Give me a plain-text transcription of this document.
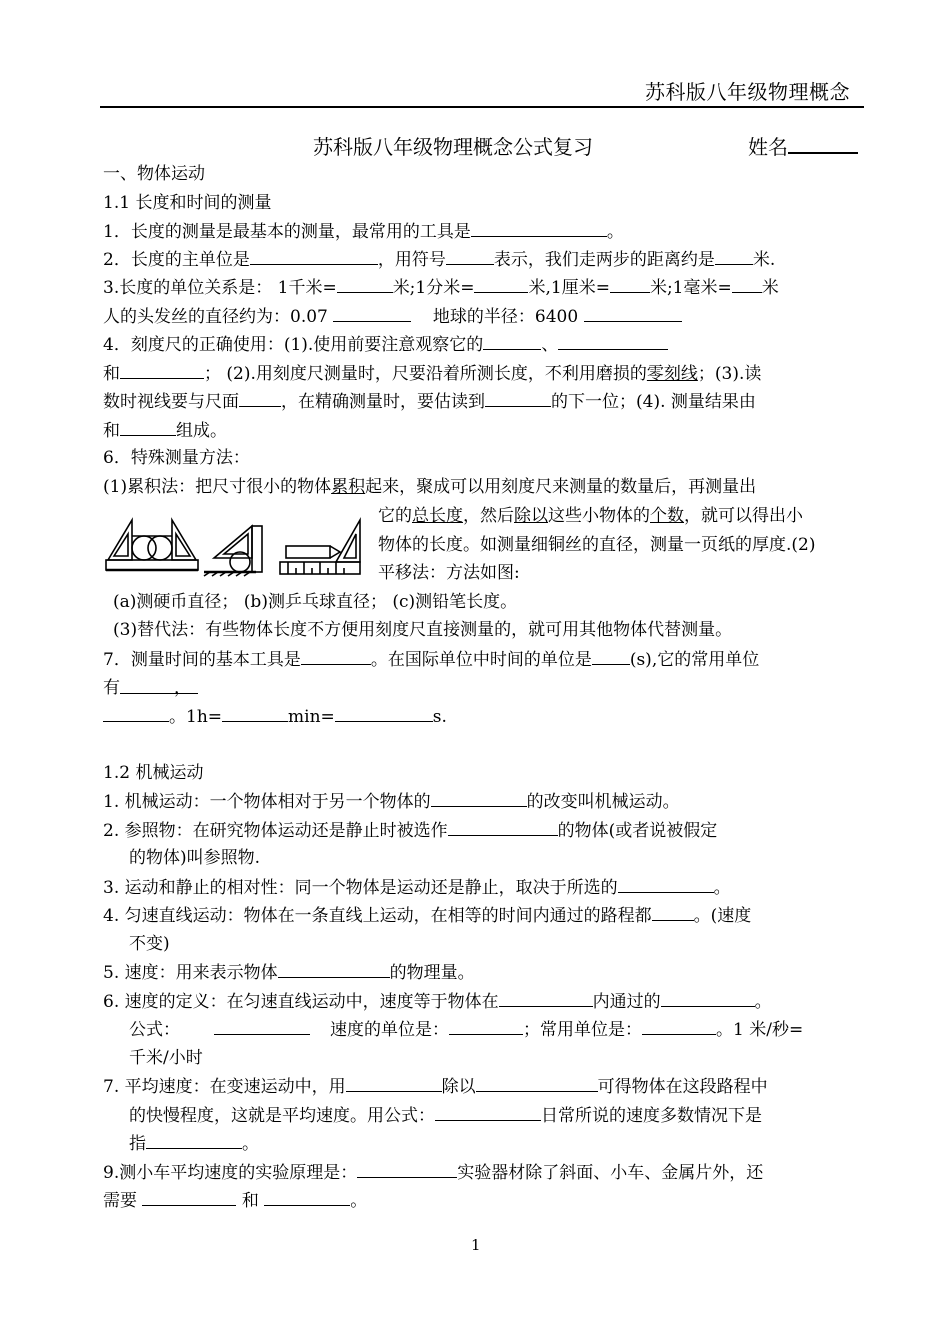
苏科版八年级物理概念
苏科版八年级物理概念公式复习	姓名
一、物体运动
1.1 长度和时间的测量
1．长度的测量是最基本的测量，最常用的工具是	。
2．长度的主单位是	，用符号	表示，我们走两步的距离约是 米.
3.长度的单位关系是： 1千米=	米;1分米=	米,1厘米= 米;1毫米= 米
人的头发丝的直径约为：0.07	地球的半径：6400
4．刻度尺的正确使用：(1).使用前要注意观察它的	、
和	； (2).用刻度尺测量时，尺要沿着所测长度，不利用磨损的零刻线；(3).读
数时视线要与尺面 ，在精确测量时，要估读到	的下一位；(4). 测量结果由
和	组成。
6．特殊测量方法：
(1)累积法：把尺寸很小的物体累积起来，聚成可以用刻度尺来测量的数量后，再测量出
它的总长度，然后除以这些小物体的个数，就可以得出小
物体的长度。如测量细铜丝的直径，测量一页纸的厚度.(2)
平移法：方法如图:
(a)测硬币直径； (b)测乒乓球直径； (c)测铅笔长度。
(3)替代法：有些物体长度不方便用刻度尺直接测量的，就可用其他物体代替测量。
7．测量时间的基本工具是	。在国际单位中时间的单位是 (s),它的常用单位
有	，
。1h=	min=	s.
1.2 机械运动
1. 机械运动：一个物体相对于另一个物体的	的改变叫机械运动。
2. 参照物：在研究物体运动还是静止时被选作	的物体(或者说被假定
的物体)叫参照物.
3. 运动和静止的相对性：同一个物体是运动还是静止，取决于所选的	。
4. 匀速直线运动：物体在一条直线上运动，在相等的时间内通过的路程都 。(速度
不变)
5. 速度：用来表示物体	的物理量。
6. 速度的定义：在匀速直线运动中，速度等于物体在	内通过的	。
公式：	速度的单位是：	；常用单位是：	。1 米/秒=
千米/小时
7. 平均速度：在变速运动中，用	除以	可得物体在这段路程中
的快慢程度，这就是平均速度。用公式：	日常所说的速度多数情况下是
指	。
9.测小车平均速度的实验原理是：	实验器材除了斜面、小车、金属片外，还
需要	和	。
1
